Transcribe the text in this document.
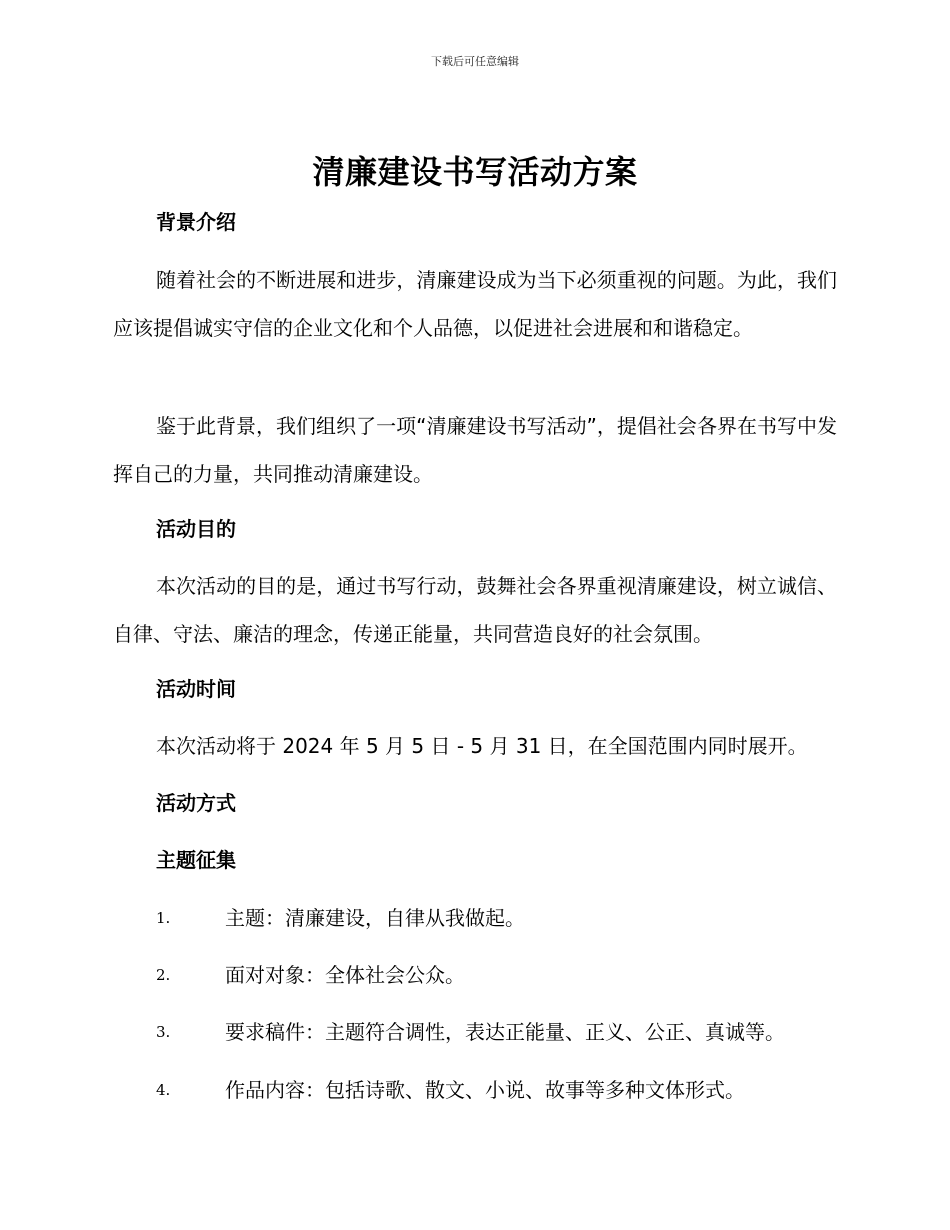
下载后可任意编辑
清廉建设书写活动方案
背景介绍

随着社会的不断进展和进步，清廉建设成为当下必须重视的问题。为此，我们应该提倡诚实守信的企业文化和个人品德，以促进社会进展和和谐稳定。

鉴于此背景，我们组织了一项“清廉建设书写活动”，提倡社会各界在书写中发挥自己的力量，共同推动清廉建设。

活动目的

本次活动的目的是，通过书写行动，鼓舞社会各界重视清廉建设，树立诚信、自律、守法、廉洁的理念，传递正能量，共同营造良好的社会氛围。

活动时间

本次活动将于 2024 年 5 月 5 日 - 5 月 31 日，在全国范围内同时展开。

活动方式
主题征集
1.	主题：清廉建设，自律从我做起。
2.	面对对象：全体社会公众。
3.	要求稿件：主题符合调性，表达正能量、正义、公正、真诚等。
4.	作品内容：包括诗歌、散文、小说、故事等多种文体形式。
